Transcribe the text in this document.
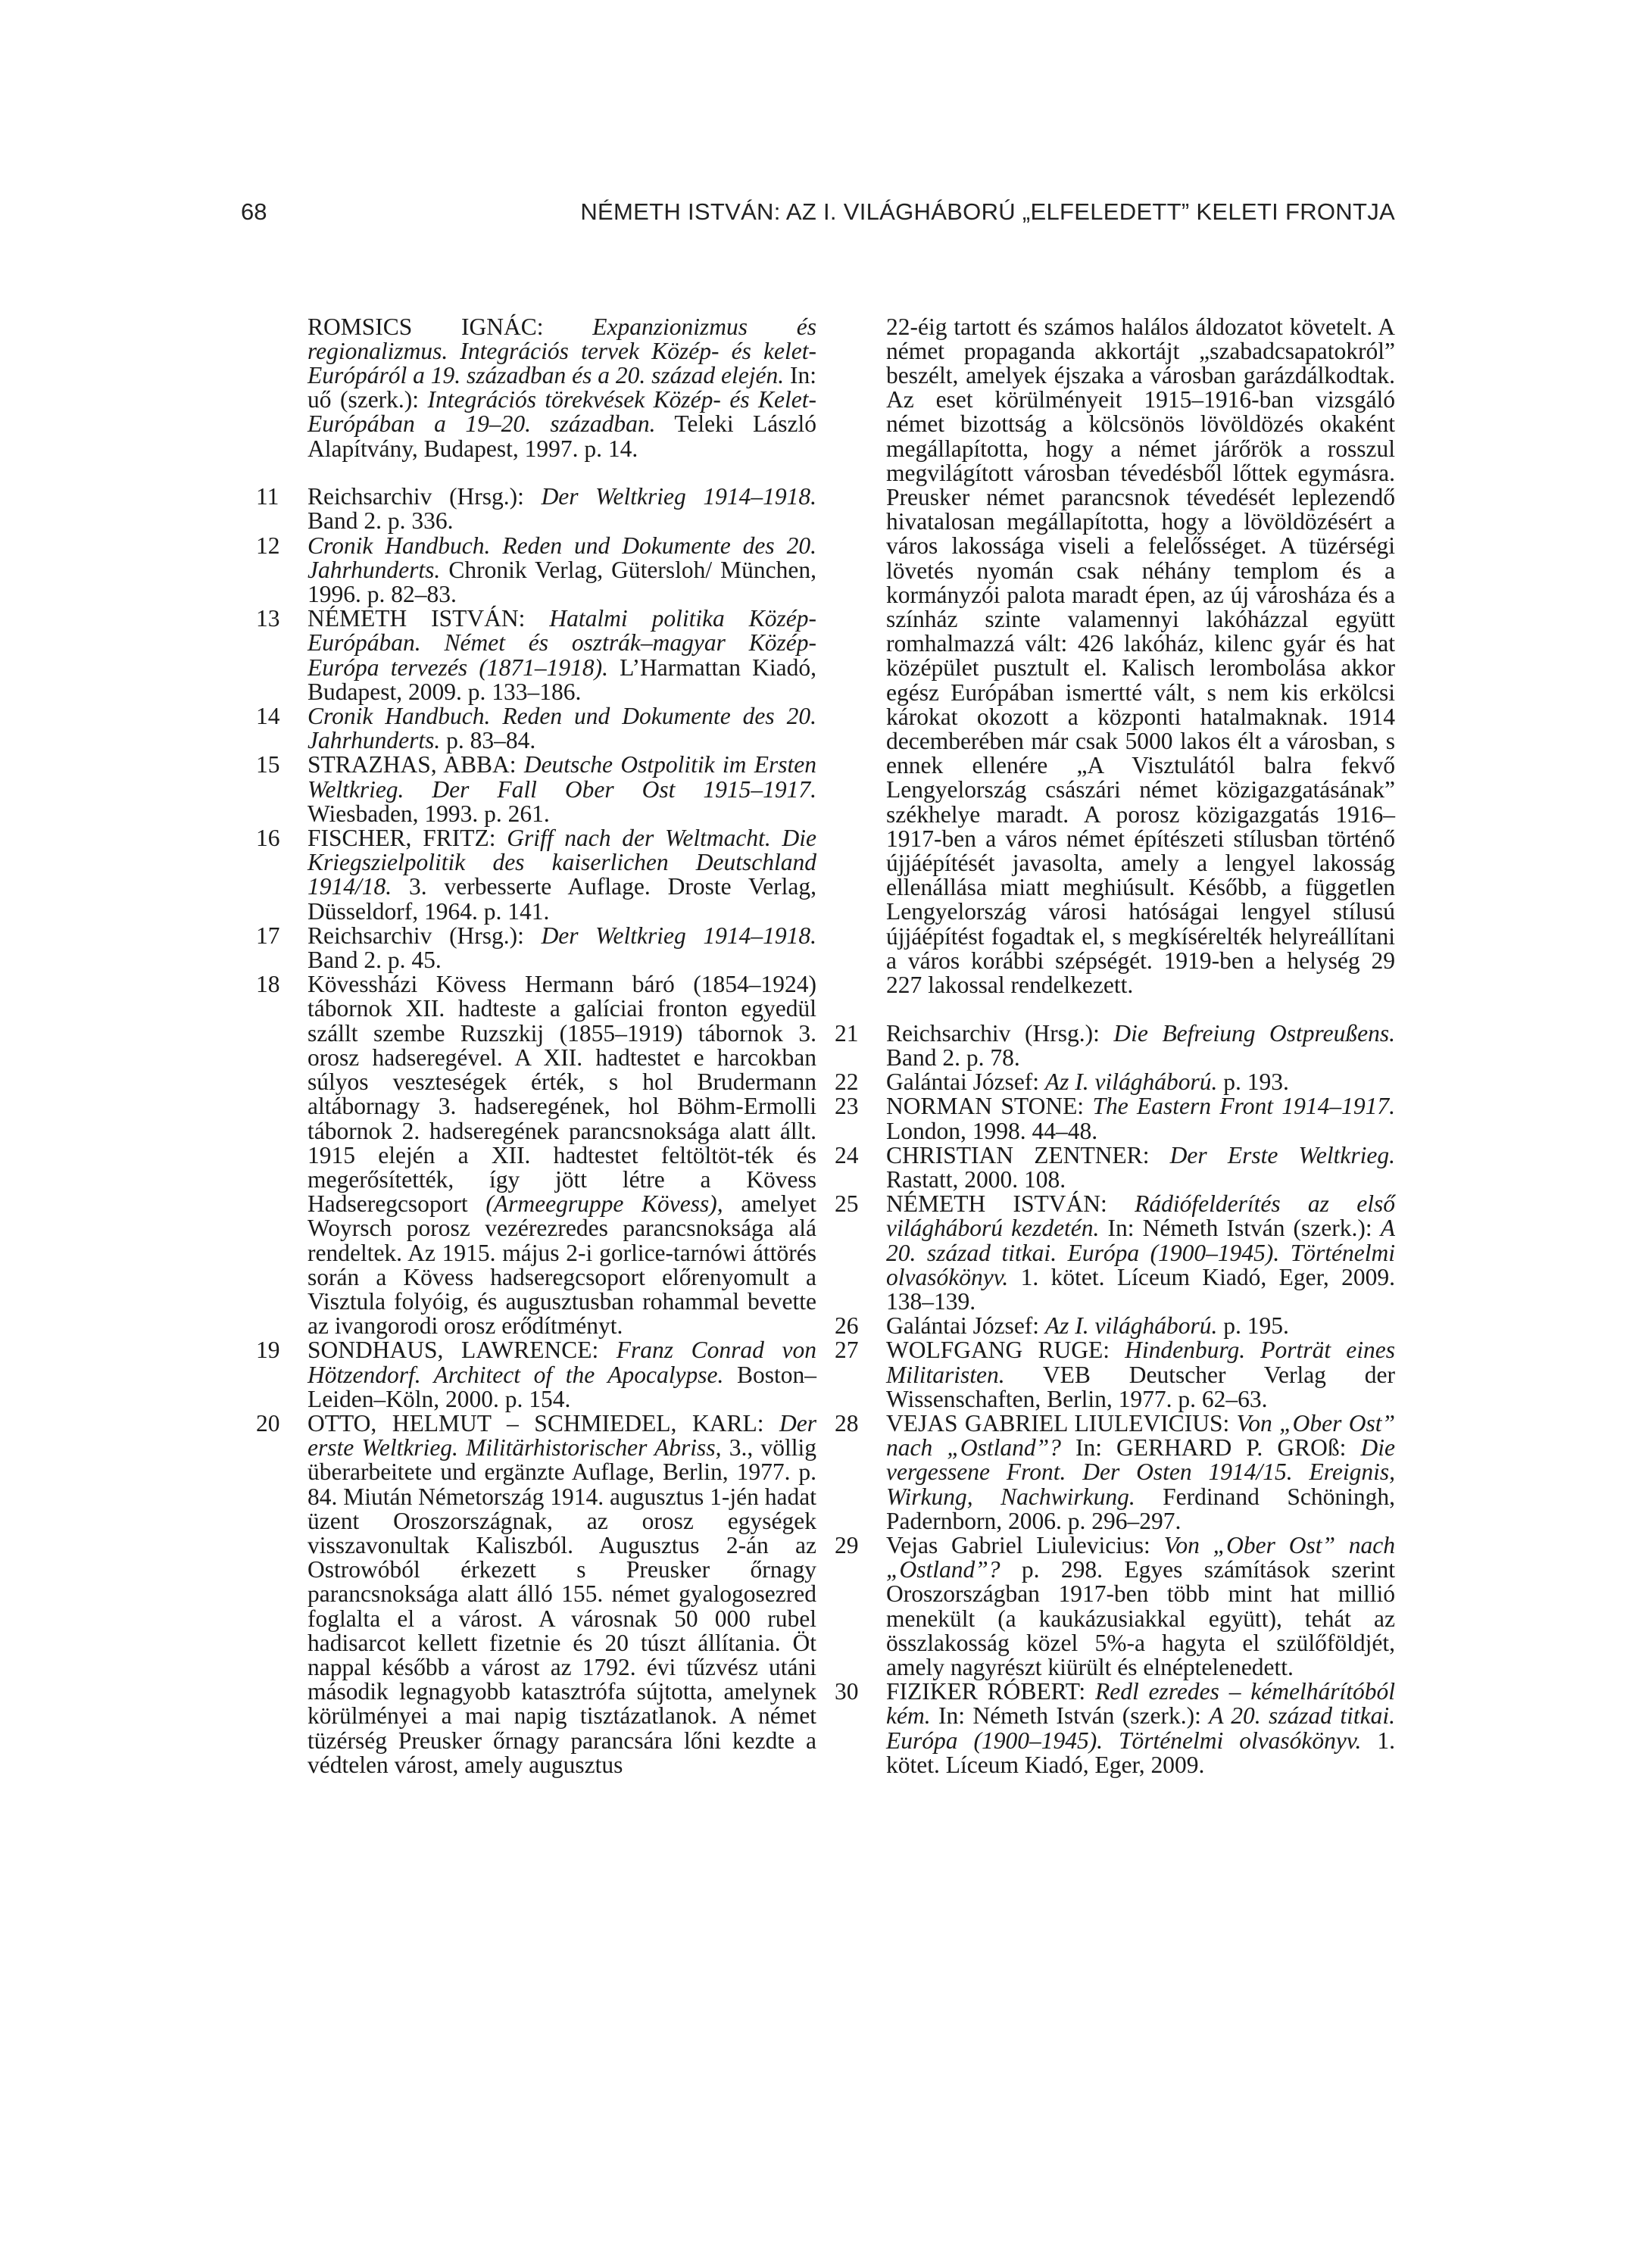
68	NÉMETH ISTVÁN: AZ I. VILÁGHÁBORÚ „ELFELEDETT” KELETI FRONTJA

ROMSICS IGNÁC: Expanzionizmus és regionalizmus. Integrációs tervek Közép- és kelet-Európáról a 19. században és a 20. század elején. In: uő (szerk.): Integrációs törekvések Közép- és Kelet-Európában a 19–20. században. Teleki László Alapítvány, Budapest, 1997. p. 14.

11	Reichsarchiv (Hrsg.): Der Weltkrieg 1914–1918. Band 2. p. 336.

12	Cronik Handbuch. Reden und Dokumente des 20. Jahrhunderts. Chronik Verlag, Gütersloh/ München, 1996. p. 82–83.

13	NÉMETH ISTVÁN: Hatalmi politika Közép-Európában. Német és osztrák–magyar Közép-Európa tervezés (1871–1918). L’Harmattan Kiadó, Budapest, 2009. p. 133–186.

14	Cronik Handbuch. Reden und Dokumente des 20. Jahrhunderts. p. 83–84.

15	STRAZHAS, ABBA: Deutsche Ostpolitik im Ersten Weltkrieg. Der Fall Ober Ost 1915–1917. Wiesbaden, 1993. p. 261.

16	FISCHER, FRITZ: Griff nach der Weltmacht. Die Kriegszielpolitik des kaiserlichen Deutschland 1914/18. 3. verbesserte Auflage. Droste Verlag, Düsseldorf, 1964. p. 141.

17	Reichsarchiv (Hrsg.): Der Weltkrieg 1914–1918. Band 2. p. 45.

18	Kövessházi Kövess Hermann báró (1854–1924) tábornok XII. hadteste a galíciai fronton egyedül szállt szembe Ruzszkij (1855–1919) tábornok 3. orosz hadseregével. A XII. hadtestet e harcokban súlyos veszteségek érték, s hol Brudermann altábornagy 3. hadseregének, hol Böhm-Ermolli tábornok 2. hadseregének parancsnoksága alatt állt. 1915 elején a XII. hadtestet feltöltöt-ték és megerősítették, így jött létre a Kövess Hadseregcsoport (Armeegruppe Kövess), amelyet Woyrsch porosz vezérezredes parancsnoksága alá rendeltek. Az 1915. május 2-i gorlice-tarnówi áttörés során a Kövess hadseregcsoport előrenyomult a Visztula folyóig, és augusztusban rohammal bevette az ivangorodi orosz erődítményt.

19	SONDHAUS, LAWRENCE: Franz Conrad von Hötzendorf. Architect of the Apocalypse. Boston–Leiden–Köln, 2000. p. 154.

20	OTTO, HELMUT – SCHMIEDEL, KARL: Der erste Weltkrieg. Militärhistorischer Abriss, 3., völlig überarbeitete und ergänzte Auflage, Berlin, 1977. p. 84. Miután Németország 1914. augusztus 1-jén hadat üzent Oroszországnak, az orosz egységek visszavonultak Kaliszból. Augusztus 2-án az Ostrowóból érkezett s Preusker őrnagy parancsnoksága alatt álló 155. német gyalogosezred foglalta el a várost. A városnak 50 000 rubel hadisarcot kellett fizetnie és 20 túszt állítania. Öt nappal később a várost az 1792. évi tűzvész utáni második legnagyobb katasztrófa sújtotta, amelynek körülményei a mai napig tisztázatlanok. A német tüzérség Preusker őrnagy parancsára lőni kezdte a védtelen várost, amely augusztus

22-éig tartott és számos halálos áldozatot követelt. A német propaganda akkortájt „szabadcsapatokról” beszélt, amelyek éjszaka a városban garázdálkodtak. Az eset körülményeit 1915–1916-ban vizsgáló német bizottság a kölcsönös lövöldözés okaként megállapította, hogy a német járőrök a rosszul megvilágított városban tévedésből lőttek egymásra. Preusker német parancsnok tévedését leplezendő hivatalosan megállapította, hogy a lövöldözésért a város lakossága viseli a felelősséget. A tüzérségi lövetés nyomán csak néhány templom és a kormányzói palota maradt épen, az új városháza és a színház szinte valamennyi lakóházzal együtt romhalmazzá vált: 426 lakóház, kilenc gyár és hat középület pusztult el. Kalisch lerombolása akkor egész Európában ismertté vált, s nem kis erkölcsi károkat okozott a központi hatalmaknak. 1914 decemberében már csak 5000 lakos élt a városban, s ennek ellenére „A Visztulától balra fekvő Lengyelország császári német közigazgatásának” székhelye maradt. A porosz közigazgatás 1916–1917-ben a város német építészeti stílusban történő újjáépítését javasolta, amely a lengyel lakosság ellenállása miatt meghiúsult. Később, a független Lengyelország városi hatóságai lengyel stílusú újjáépítést fogadtak el, s megkísérelték helyreállítani a város korábbi szépségét. 1919-ben a helység 29 227 lakossal rendelkezett.

21	Reichsarchiv (Hrsg.): Die Befreiung Ostpreußens. Band 2. p. 78.

22	Galántai József: Az I. világháború. p. 193.

23	NORMAN STONE: The Eastern Front 1914–1917. London, 1998. 44–48.

24	CHRISTIAN ZENTNER: Der Erste Weltkrieg. Rastatt, 2000. 108.

25	NÉMETH ISTVÁN: Rádiófelderítés az első világháború kezdetén. In: Németh István (szerk.): A 20. század titkai. Európa (1900–1945). Történelmi olvasókönyv. 1. kötet. Líceum Kiadó, Eger, 2009. 138–139.

26	Galántai József: Az I. világháború. p. 195.

27	WOLFGANG RUGE: Hindenburg. Porträt eines Militaristen. VEB Deutscher Verlag der Wissenschaften, Berlin, 1977. p. 62–63.

28	VEJAS GABRIEL LIULEVICIUS: Von „Ober Ost” nach „Ostland”? In: GERHARD P. GROß: Die vergessene Front. Der Osten 1914/15. Ereignis, Wirkung, Nachwirkung. Ferdinand Schöningh, Padernborn, 2006. p. 296–297.

29	Vejas Gabriel Liulevicius: Von „Ober Ost” nach „Ostland”? p. 298. Egyes számítások szerint Oroszországban 1917-ben több mint hat millió menekült (a kaukázusiakkal együtt), tehát az összlakosság közel 5%-a hagyta el szülőföldjét, amely nagyrészt kiürült és elnéptelenedett.

30	FIZIKER RÓBERT: Redl ezredes – kémelhárítóból kém. In: Németh István (szerk.): A 20. század titkai. Európa (1900–1945). Történelmi olvasókönyv. 1. kötet. Líceum Kiadó, Eger, 2009.
